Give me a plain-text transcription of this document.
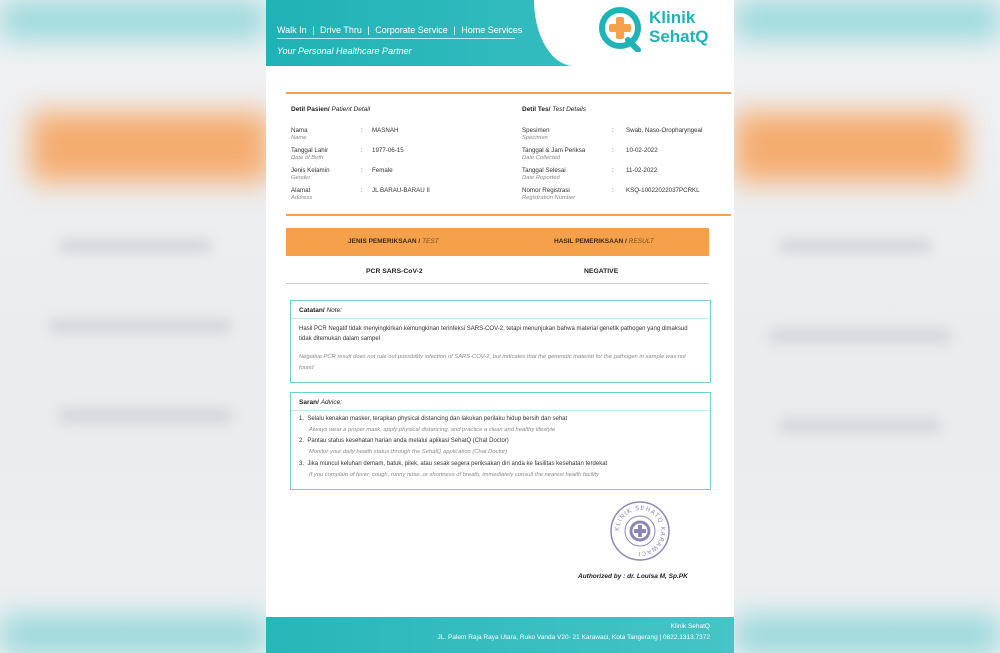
Walk In | Drive Thru | Corporate Service | Home Services
Your Personal Healthcare Partner
Klinik
SehatQ
Detil Pasien/ Patient Detail
Nama
Name
: MASNAH
Tanggal Lahir
Date of Birth
: 1977-06-15
Jenis Kelamin
Gender
: Female
Alamat
Address
: JL BARAU-BARAU II
Detil Tes/ Test Details
Spesimen
Specimen
: Swab, Naso-Oropharyngeal
Tanggal & Jam Periksa
Date Collected
: 10-02-2022
Tanggal Selesai
Date Reported
: 11-02-2022
Nomor Registrasi
Registration Number
: KSQ-10022022037PCRKL
JENIS PEMERIKSAAN / TEST	HASIL PEMERIKSAAN / RESULT
PCR SARS-CoV-2	NEGATIVE
Catatan/ Note:
Hasil PCR Negatif tidak menyingkirkan kemungkinan terinfeksi SARS-COV-2, tetapi menunjukan bahwa material genetik pathogen yang dimaksud tidak ditemukan dalam sampel
Negative PCR result does not rule out possibility infection of SARS-COV-2, but indicates that the generetic material for the pathogen in sample was not found
Saran/ Advice:
1. Selalu kenakan masker, terapkan physical distancing dan lakukan perilaku hidup bersih dan sehat
Always wear a proper mask, apply physical distancing, and practice a clean and healthy lifestyle
2. Pantau status kesehatan harian anda melalui aplikasi SehatQ (Chat Doctor)
Monitor your daily health status through the SehatQ application (Chat Doctor)
3. Jika muncul keluhan demam, batuk, pilek, atau sesak segera periksakan diri anda ke fasilitas kesehatan terdekat
If you complain of fever, cough, runny nose, or shortness of breath, immediately consult the nearest health facility
KLINIK SEHATQ KARAWACI
Authorized by : dr. Louisa M, Sp.PK
Klinik SehatQ
JL. Palem Raja Raya Utara, Ruko Vanda V20- 21 Karawaci, Kota Tangerang | 0822.1313.7372
